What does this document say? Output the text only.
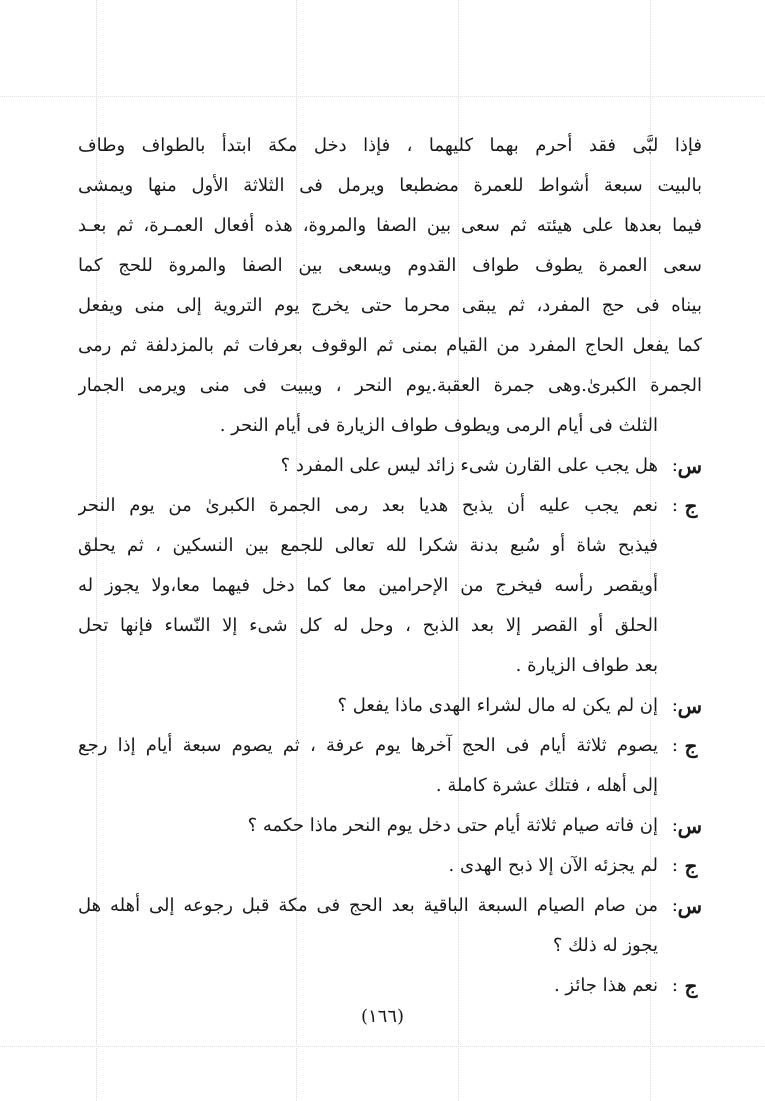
فإذا لبَّى فقد أحرم بهما كليهما ، فإذا دخل مكة ابتدأ بالطواف وطاف
بالبيت سبعة أشواط للعمرة مضطبعا ويرمل فى الثلاثة الأول منها ويمشى
فيما بعدها على هيئته ثم سعى بين الصفا والمروة، هذه أفعال العمـرة، ثم بعـد
سعى العمرة يطوف طواف القدوم ويسعى بين الصفا والمروة للحج كما
بيناه فى حج المفرد، ثم يبقى محرما حتى يخرج يوم التروية إلى منى ويفعل
كما يفعل الحاج المفرد من القيام بمنى ثم الوقوف بعرفات ثم بالمزدلفة ثم رمى
الجمرة الكبرىٰ.وهى جمرة العقبة.يوم النحر ، ويبيت فى منى ويرمى الجمار
الثلث فى أيام الرمى ويطوف طواف الزيارة فى أيام النحر .
س
:
هل يجب على القارن شىء زائد ليس على المفرد ؟
ج
:
نعم يجب عليه أن يذبح هديا بعد رمى الجمرة الكبرىٰ من يوم النحر
فيذبح شاة أو سُبع بدنة شكرا لله تعالى للجمع بين النسكين ، ثم يحلق
أويقصر رأسه فيخرج من الإحرامين معا كما دخل فيهما معا،ولا يجوز له
الحلق أو القصر إلا بعد الذبح ، وحل له كل شىء إلا النّساء فإنها تحل
بعد طواف الزيارة .
س
:
إن لم يكن له مال لشراء الهدى ماذا يفعل ؟
ج
:
يصوم ثلاثة أيام فى الحج آخرها يوم عرفة ، ثم يصوم سبعة أيام إذا رجع
إلى أهله ، فتلك عشرة كاملة .
س
:
إن فاته صيام ثلاثة أيام حتى دخل يوم النحر ماذا حكمه ؟
ج
:
لم يجزئه الآن إلا ذبح الهدى .
س
:
من صام الصيام السبعة الباقية بعد الحج فى مكة قبل رجوعه إلى أهله هل
يجوز له ذلك ؟
ج
:
نعم هذا جائز .
(١٦٦)
